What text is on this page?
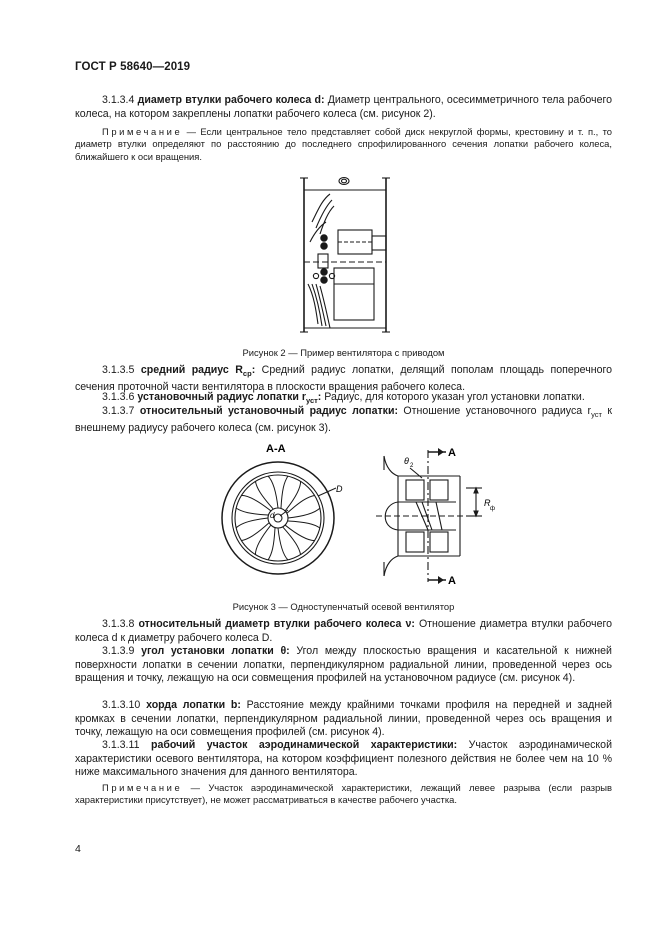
ГОСТ Р 58640—2019
3.1.3.4 диаметр втулки рабочего колеса d: Диаметр центрального, осесимметричного тела рабочего колеса, на котором закреплены лопатки рабочего колеса (см. рисунок 2).
Примечание — Если центральное тело представляет собой диск некруглой формы, крестовину и т. п., то диаметр втулки определяют по расстоянию до последнего спрофилированного сечения лопатки рабочего колеса, ближайшего к оси вращения.
Рисунок 2 — Пример вентилятора с приводом
3.1.3.5 средний радиус $R_{ср}$: Средний радиус лопатки, делящий пополам площадь поперечного сечения проточной части вентилятора в плоскости вращения рабочего колеса.
3.1.3.6 установочный радиус лопатки $r_{уст}$: Радиус, для которого указан угол установки лопатки.
3.1.3.7 относительный установочный радиус лопатки: Отношение установочного радиуса $r_{уст}$ к внешнему радиусу рабочего колеса (см. рисунок 3).
А-А
D
d
A
A
θ 2
R
ф
Рисунок 3 — Одноступенчатый осевой вентилятор
3.1.3.8 относительный диаметр втулки рабочего колеса ν: Отношение диаметра втулки рабочего колеса d к диаметру рабочего колеса D.
3.1.3.9 угол установки лопатки θ: Угол между плоскостью вращения и касательной к нижней поверхности лопатки в сечении лопатки, перпендикулярном радиальной линии, проведенной через ось вращения и точку, лежащую на оси совмещения профилей на установочном радиусе (см. рисунок 4).
3.1.3.10 хорда лопатки b: Расстояние между крайними точками профиля на передней и задней кромках в сечении лопатки, перпендикулярном радиальной линии, проведенной через ось вращения и точку, лежащую на оси совмещения профилей (см. рисунок 4).
3.1.3.11 рабочий участок аэродинамической характеристики: Участок аэродинамической характеристики осевого вентилятора, на котором коэффициент полезного действия не более чем на 10 % ниже максимального значения для данного вентилятора.
Примечание — Участок аэродинамической характеристики, лежащий левее разрыва (если разрыв характеристики присутствует), не может рассматриваться в качестве рабочего участка.
4
